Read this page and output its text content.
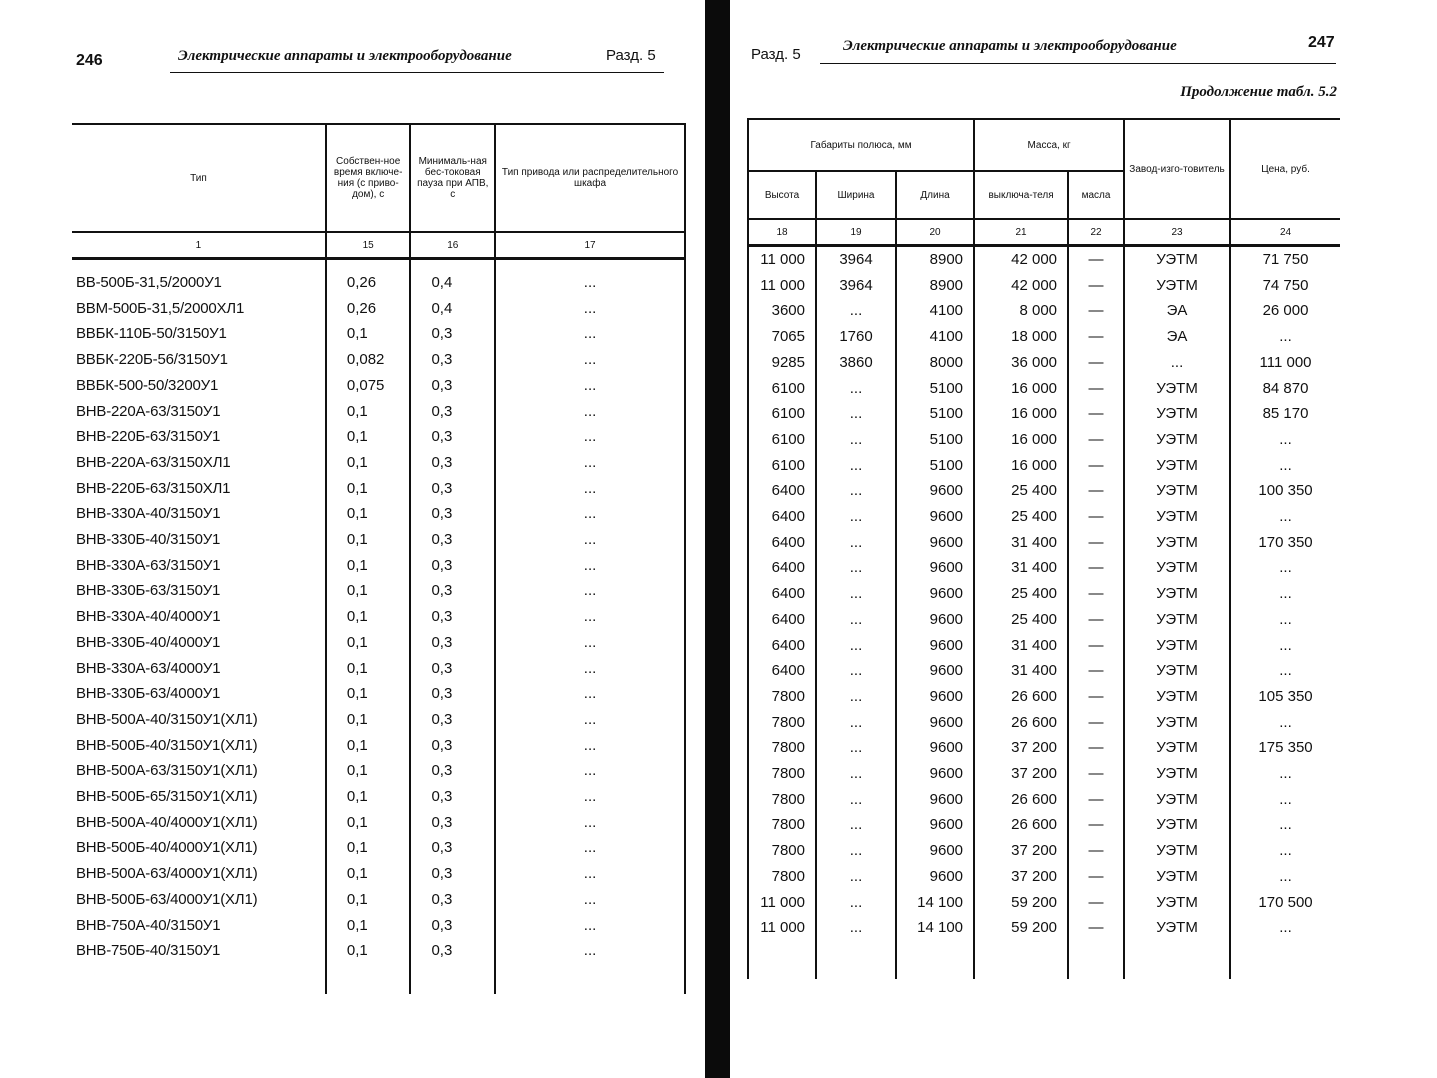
246	Электрические аппараты и электрооборудование	Разд. 5
Тип	Собствен-ное время включе-ния (с приво-дом), с	Минималь-ная бес-токовая пауза при АПВ, с	Тип привода или распределительного шкафа
1	15	16	17
ВВ-500Б-31,5/2000У1	0,26	0,4	...
ВВМ-500Б-31,5/2000ХЛ1	0,26	0,4	...
ВВБК-110Б-50/3150У1	0,1	0,3	...
ВВБК-220Б-56/3150У1	0,082	0,3	...
ВВБК-500-50/3200У1	0,075	0,3	...
ВНВ-220А-63/3150У1	0,1	0,3	...
ВНВ-220Б-63/3150У1	0,1	0,3	...
ВНВ-220А-63/3150ХЛ1	0,1	0,3	...
ВНВ-220Б-63/3150ХЛ1	0,1	0,3	...
ВНВ-330А-40/3150У1	0,1	0,3	...
ВНВ-330Б-40/3150У1	0,1	0,3	...
ВНВ-330А-63/3150У1	0,1	0,3	...
ВНВ-330Б-63/3150У1	0,1	0,3	...
ВНВ-330А-40/4000У1	0,1	0,3	...
ВНВ-330Б-40/4000У1	0,1	0,3	...
ВНВ-330А-63/4000У1	0,1	0,3	...
ВНВ-330Б-63/4000У1	0,1	0,3	...
ВНВ-500А-40/3150У1(ХЛ1)	0,1	0,3	...
ВНВ-500Б-40/3150У1(ХЛ1)	0,1	0,3	...
ВНВ-500А-63/3150У1(ХЛ1)	0,1	0,3	...
ВНВ-500Б-65/3150У1(ХЛ1)	0,1	0,3	...
ВНВ-500А-40/4000У1(ХЛ1)	0,1	0,3	...
ВНВ-500Б-40/4000У1(ХЛ1)	0,1	0,3	...
ВНВ-500А-63/4000У1(ХЛ1)	0,1	0,3	...
ВНВ-500Б-63/4000У1(ХЛ1)	0,1	0,3	...
ВНВ-750А-40/3150У1	0,1	0,3	...
ВНВ-750Б-40/3150У1	0,1	0,3	...

Разд. 5	Электрические аппараты и электрооборудование	247
Продолжение табл. 5.2
Габариты полюса, мм			Масса, кг		Завод-изго-товитель	Цена, руб.
Высота	Ширина	Длина	выключа-теля	масла		
18	19	20	21	22	23	24
11 000	3964	8900	42 000	—	УЭТМ	71 750
11 000	3964	8900	42 000	—	УЭТМ	74 750
3600	...	4100	8 000	—	ЭА	26 000
7065	1760	4100	18 000	—	ЭА	...
9285	3860	8000	36 000	—	...	111 000
6100	...	5100	16 000	—	УЭТМ	84 870
6100	...	5100	16 000	—	УЭТМ	85 170
6100	...	5100	16 000	—	УЭТМ	...
6100	...	5100	16 000	—	УЭТМ	...
6400	...	9600	25 400	—	УЭТМ	100 350
6400	...	9600	25 400	—	УЭТМ	...
6400	...	9600	31 400	—	УЭТМ	170 350
6400	...	9600	31 400	—	УЭТМ	...
6400	...	9600	25 400	—	УЭТМ	...
6400	...	9600	25 400	—	УЭТМ	...
6400	...	9600	31 400	—	УЭТМ	...
6400	...	9600	31 400	—	УЭТМ	...
7800	...	9600	26 600	—	УЭТМ	105 350
7800	...	9600	26 600	—	УЭТМ	...
7800	...	9600	37 200	—	УЭТМ	175 350
7800	...	9600	37 200	—	УЭТМ	...
7800	...	9600	26 600	—	УЭТМ	...
7800	...	9600	26 600	—	УЭТМ	...
7800	...	9600	37 200	—	УЭТМ	...
7800	...	9600	37 200	—	УЭТМ	...
11 000	...	14 100	59 200	—	УЭТМ	170 500
11 000	...	14 100	59 200	—	УЭТМ	...
